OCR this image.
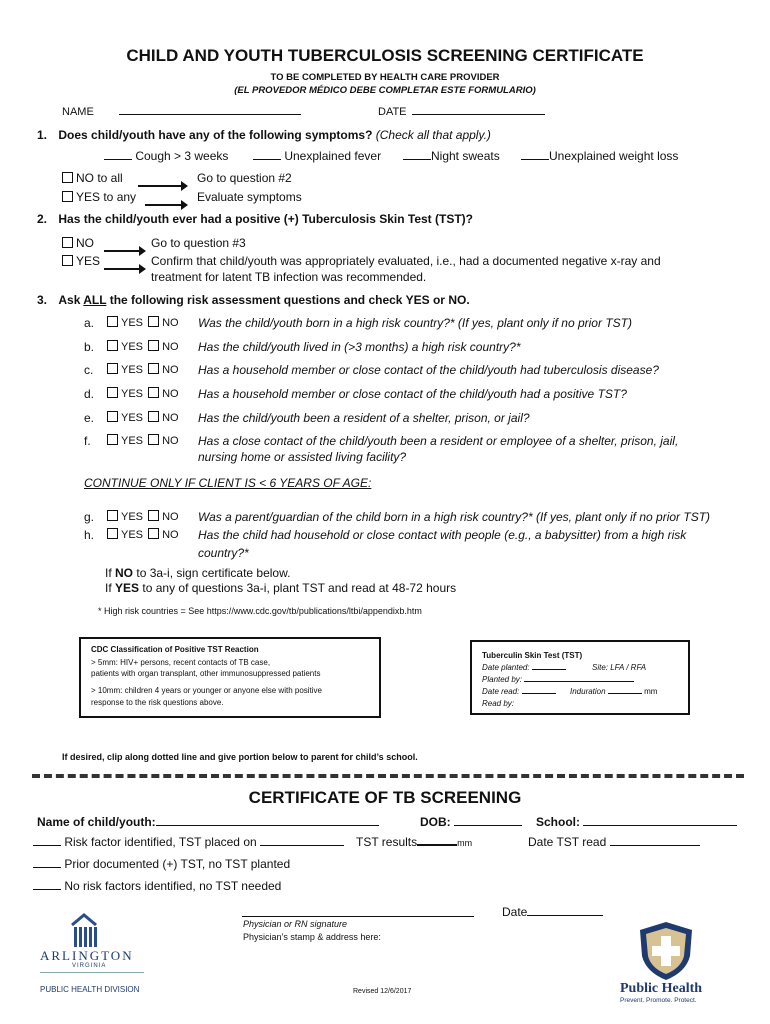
CHILD AND YOUTH TUBERCULOSIS SCREENING CERTIFICATE
TO BE COMPLETED BY HEALTH CARE PROVIDER
(EL PROVEDOR MÉDICO DEBE COMPLETAR ESTE FORMULARIO)
NAME	DATE
1. Does child/youth have any of the following symptoms? (Check all that apply.)
Cough > 3 weeks	Unexplained fever	Night sweats	Unexplained weight loss
NO to all	Go to question #2
YES to any	Evaluate symptoms
2. Has the child/youth ever had a positive (+) Tuberculosis Skin Test (TST)?
NO	Go to question #3
YES	Confirm that child/youth was appropriately evaluated, i.e., had a documented negative x-ray and
treatment for latent TB infection was recommended.
3. Ask ALL the following risk assessment questions and check YES or NO.
a.	YES NO Was the child/youth born in a high risk country?* (If yes, plant only if no prior TST)
b.	YES NO Has the child/youth lived in (>3 months) a high risk country?*
c.	YES NO Has a household member or close contact of the child/youth had tuberculosis disease?
d.	YES NO Has a household member or close contact of the child/youth had a positive TST?
e.	YES NO Has the child/youth been a resident of a shelter, prison, or jail?
f.	YES NO Has a close contact of the child/youth been a resident or employee of a shelter, prison, jail,
nursing home or assisted living facility?
CONTINUE ONLY IF CLIENT IS < 6 YEARS OF AGE:
g.	YES NO Was a parent/guardian of the child born in a high risk country?* (If yes, plant only if no prior TST)
h.	YES NO Has the child had household or close contact with people (e.g., a babysitter) from a high risk
country?*
If NO to 3a-i, sign certificate below.
If YES to any of questions 3a-i, plant TST and read at 48-72 hours
* High risk countries = See https://www.cdc.gov/tb/publications/ltbi/appendixb.htm
CDC Classification of Positive TST Reaction
> 5mm: HIV+ persons, recent contacts of TB case,
patients with organ transplant, other immunosuppressed patients
> 10mm: children 4 years or younger or anyone else with positive
response to the risk questions above.
Tuberculin Skin Test (TST)
Date planted:	Site: LFA / RFA
Planted by:
Date read:	Induration	mm
Read by:
If desired, clip along dotted line and give portion below to parent for child’s school.
CERTIFICATE OF TB SCREENING
Name of child/youth:	DOB:	School:
Risk factor identified, TST placed on	TST results	mm	Date TST read
Prior documented (+) TST, no TST planted
No risk factors identified, no TST needed
Date
Physician or RN signature
Physician’s stamp & address here:
Revised 12/6/2017
ARLINGTON
VIRGINIA
PUBLIC HEALTH DIVISION	Public Health
Prevent. Promote. Protect.
